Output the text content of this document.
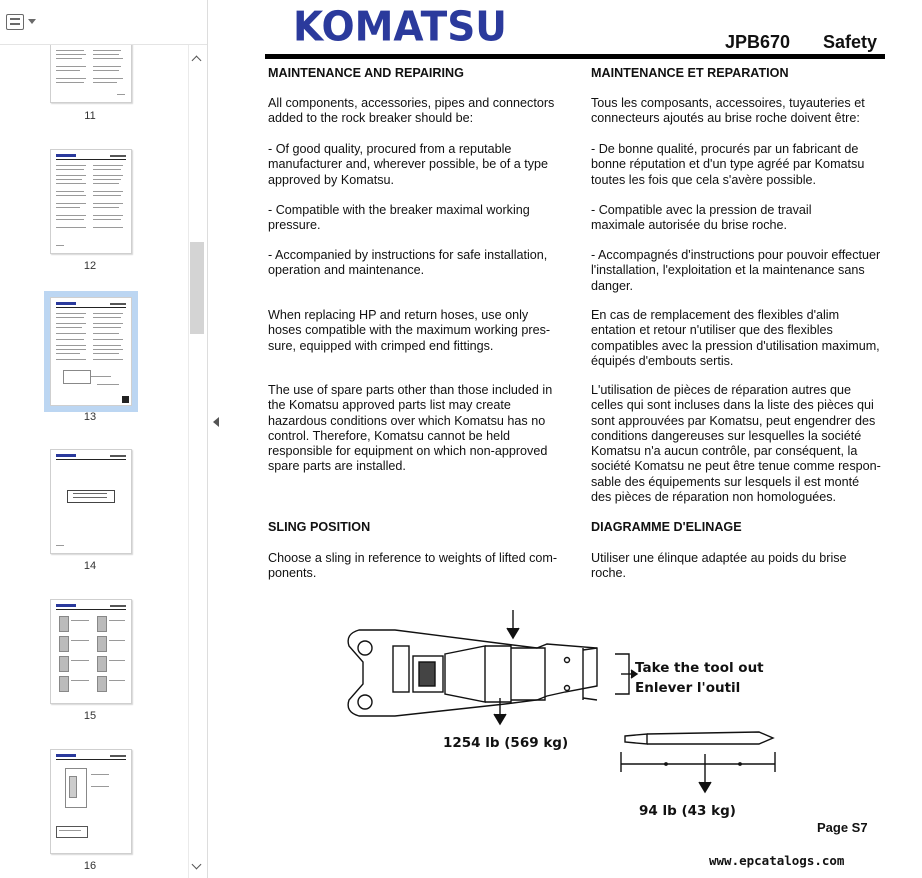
11
12
13
14
15
16
KOMATSU	JPB670 Safety
MAINTENANCE AND REPAIRING
All components, accessories, pipes and connectors
added to the rock breaker should be:
- Of good quality, procured from a reputable
manufacturer and, wherever possible, be of a type
approved by Komatsu.
- Compatible with the breaker maximal working
pressure.
- Accompanied by instructions for safe installation,
operation and maintenance.
When replacing HP and return hoses, use only
hoses compatible with the maximum working pres-
sure, equipped with crimped end fittings.
The use of spare parts other than those included in
the Komatsu approved parts list may create
hazardous conditions over which Komatsu has no
control. Therefore, Komatsu cannot be held
responsible for equipment on which non-approved
spare parts are installed.
SLING POSITION
Choose a sling in reference to weights of lifted com-
ponents.
MAINTENANCE ET REPARATION
Tous les composants, accessoires, tuyauteries et
connecteurs ajoutés au brise roche doivent être:
- De bonne qualité, procurés par un fabricant de
bonne réputation et d'un type agréé par Komatsu
toutes les fois que cela s'avère possible.
- Compatible avec la pression de travail
maximale autorisée du brise roche.
- Accompagnés d'instructions pour pouvoir effectuer
l'installation, l'exploitation et la maintenance sans
danger.
En cas de remplacement des flexibles d'alim
entation et retour n'utiliser que des flexibles
compatibles avec la pression d'utilisation maximum,
équipés d'embouts sertis.
L'utilisation de pièces de réparation autres que
celles qui sont incluses dans la liste des pièces qui
sont approuvées par Komatsu, peut engendrer des
conditions dangereuses sur lesquelles la société
Komatsu n'a aucun contrôle, par conséquent, la
société Komatsu ne peut être tenue comme respon-
sable des équipements sur lesquels il est monté
des pièces de réparation non homologuées.
DIAGRAMME D'ELINAGE
Utiliser une élinque adaptée au poids du brise
roche.
Take the tool out
Enlever l'outil
1254 lb (569 kg)
94 lb (43 kg)
Page S7
www.epcatalogs.com
